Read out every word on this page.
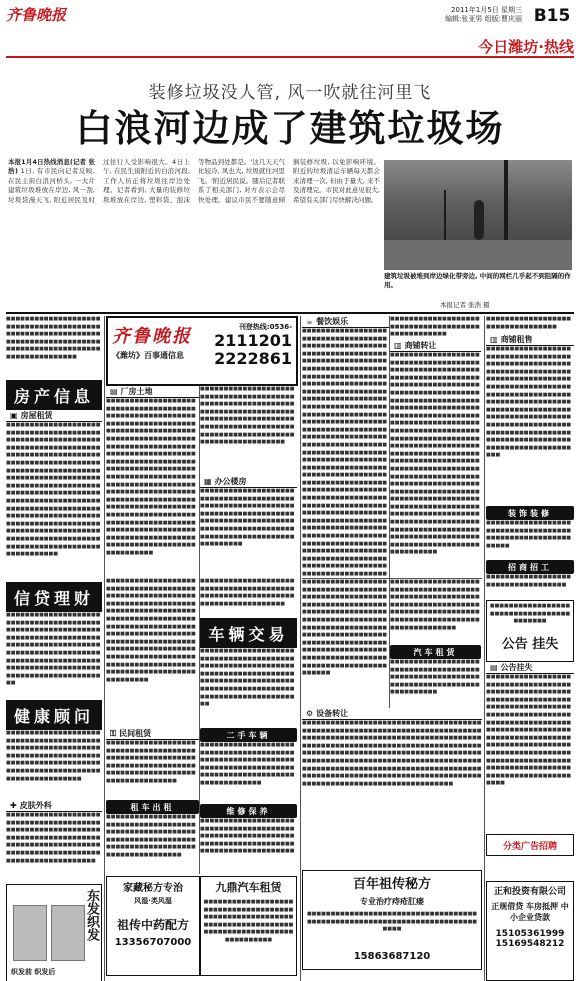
齐鲁晚报	2011年1月5日 星期三
编辑:张亚男 组版:曹庆丽 B15
今日潍坊·热线
装修垃圾没人管, 风一吹就往河里飞
白浪河边成了建筑垃圾场
本报1月4日热线消息(记者 张浩) 1日, 有市民向记者反映, 在民主街白浪河桥头, 一大片建筑垃圾堆放在岸边, 风一刮, 垃圾袋漫天飞, 附近居民及时过往行人受影响很大。4日上午, 在民生街附近的白浪河段, 工作人员正将垃圾往岸边处理。记者看到, 大量的装修垃圾堆放在岸边, 塑料袋、泡沫等物品到处都是。'这几天天气比较冷, 风也大, 垃圾就往河里飞。'附近居民说。随后记者联系了相关部门, 对方表示会尽快处理。建议市民不要随意倾倒装修垃圾, 以免影响环境。附近的垃圾清运车辆每天都会来清理一次, 但由于量大, 来不及清理完。市民对此意见很大, 希望有关部门尽快解决问题。
建筑垃圾被堆到岸边绿化带旁边, 中间的网栏几乎起不到阻隔的作用。
本报记者 张浩 摄
■■■■■■■■■■■■■■■■■■■■■■■■■■■■■■■■■■■■■■■■■■■■■■■■■■■■■■■■■■■■■■■■■■■■■■■■■■■■■■■■■■■■■■■■■■■■■■■■■■■■■■■■■■■■■■■■■■■
房产信息
▣ 房屋租赁
■■■■■■■■■■■■■■■■■■■■■■■■■■■■■■■■■■■■■■■■■■■■■■■■■■■■■■■■■■■■■■■■■■■■■■■■■■■■■■■■■■■■■■■■■■■■■■■■■■■■■■■■■■■■■■■■■■■■■■■■■■■■■■■■■■■■■■■■■■■■■■■■■■■■■■■■■■■■■■■■■■■■■■■■■■■■■■■■■■■■■■■■■■■■■■■■■■■■■■■■■■■■■■■■■■■■■■■■■■■■■■■■■■■■■■■■■■■■■■■■■■■■■■■■■■■■■■■■■■■■■■■■■■■■■■■■■■■■■■■■■■■■■■■■■■■■■■■■■■■■■■■■■■■■■■■■■■■■■■■■■■■■■■■■■■■■■■■■■■■■■■■■■■■■■■■
信贷理财
■■■■■■■■■■■■■■■■■■■■■■■■■■■■■■■■■■■■■■■■■■■■■■■■■■■■■■■■■■■■■■■■■■■■■■■■■■■■■■■■■■■■■■■■■■■■■■■■■■■■■■■■■■■■■■■■■■■■■■■■■■■■■■■■■■■■■■■■■■■■■■■■■■■■■■■■■■■■■■■■■■■■■■■■■■■■■■■■■■■■■■
健康顾问
■■■■■■■■■■■■■■■■■■■■■■■■■■■■■■■■■■■■■■■■■■■■■■■■■■■■■■■■■■■■■■■■■■■■■■■■■■■■■■■■■■■■■■■■■■■■■■■■■■■■■■■■■■■■■■■■■■■■■■■■■■■■■■■■■■■■■■■■
✚ 皮肤外科
■■■■■■■■■■■■■■■■■■■■■■■■■■■■■■■■■■■■■■■■■■■■■■■■■■■■■■■■■■■■■■■■■■■■■■■■■■■■■■■■■■■■■■■■■■■■■■■■■■■■■■■■■■■■■■■■■■■■■■■■■■■■■■■■■■■■■■■■■■■
东发织发
织发前 织发后
齐鲁晚报
《潍坊》百事通信息
刊登热线:0536-
2111201
2222861
▤ 厂房土地
■■■■■■■■■■■■■■■■■■■■■■■■■■■■■■■■■■■■■■■■■■■■■■■■■■■■■■■■■■■■■■■■■■■■■■■■■■■■■■■■■■■■■■■■■■■■■■■■■■■■■■■■■■■■■■■■■■■■■■■■■■■■■■■■■■■■■■■■■■■■■■■■■■■■■■■■■■■■■■■■■■■■■■■■■■■■■■■■■■■■■■■■■■■■■■■■■■■■■■■■■■■■■■■■■■■■■■■■■■■■■■■■■■■■■■■■■■■■■■■■■■■■■■■■■■■■■■■■■■■■■■■■■■■■■■■■■■■■■■■■■■■■■■■■■■■■■■■■■■■■■■■■■■■■■■■■■■■■■■■■■■■■■■■■■■■■■■■■■■■■■■■■■■■■■■■■■■■■■■■■■■■■■■■■■■■■■■■■■■■■■■■■■■■■■■
■■■■■■■■■■■■■■■■■■■■■■■■■■■■■■■■■■■■■■■■■■■■■■■■■■■■■■■■■■■■■■■■■■■■■■■■■■■■■■■■■■■■■■■■■■■■■■■■■■■■■■■■■■■■■■■■■■■■■■■■■■■■■■■■■■■■■■■■■■■■■■■■■■■■■■■■■■■■■■
▦ 办公楼房
■■■■■■■■■■■■■■■■■■■■■■■■■■■■■■■■■■■■■■■■■■■■■■■■■■■■■■■■■■■■■■■■■■■■■■■■■■■■■■■■■■■■■■■■■■■■■■■■■■■■■■■■■■■■■■■■■■■■■■■■■■■■■■■■■■■■■■■■■■■■■■■■■■■■■
■■■■■■■■■■■■■■■■■■■■■■■■■■■■■■■■■■■■■■■■■■■■■■■■■■■■■■■■■■■■■■■■■■■■■■■■■■■■■■■■■■■■■■■■■■■■■■■■■■■■■■■■■■■■■■■■■■■■■■■■■■■■■■■■■■■■■■■■■■■■■■■■■■■■■■■■■■■■■■■■■■■■■■■■■■■■■■■■■■■■■■■■■■■■■■■■■■■■■■■■■■■■■■■■■■■■■■■■■■■■■■■■■■■■■■■■■■■■■■■■■■■■■■■■■■■■■■■■
■■■■■■■■■■■■■■■■■■■■■■■■■■■■■■■■■■■■■■■■■■■■■■■■■■■■■■■■■■■■■■■■■■■■■■■■■■■■■■
车辆交易
■■■■■■■■■■■■■■■■■■■■■■■■■■■■■■■■■■■■■■■■■■■■■■■■■■■■■■■■■■■■■■■■■■■■■■■■■■■■■■■■■■■■■■■■■■■■■■■■■■■■■■■■■■■■■■■■■■■■■■■■■■■■■■■■■■■■■■■■■■■■■■
⚿ 民间租赁
■■■■■■■■■■■■■■■■■■■■■■■■■■■■■■■■■■■■■■■■■■■■■■■■■■■■■■■■■■■■■■■■■■■■■■■■■■■■■■■■■■■■■■■■■■■■■■■■■■■■■■■■■■■■■■
租车出租
■■■■■■■■■■■■■■■■■■■■■■■■■■■■■■■■■■■■■■■■■■■■■■■■■■■■■■■■■■■■■■■■■■■■■■■■■■■■■■■■■■■■■■■■■■■■■■■■■■■■■■■■■■■■■■■
二手车辆
■■■■■■■■■■■■■■■■■■■■■■■■■■■■■■■■■■■■■■■■■■■■■■■■■■■■■■■■■■■■■■■■■■■■■■■■■■■■■■■■■■■■■■■■■■■■■■■■■■■■■■■■■■■■■■■■■
维修保养
■■■■■■■■■■■■■■■■■■■■■■■■■■■■■■■■■■■■■■■■■■■■■■■■■■■■■■■■■■■■■■■■■■■■■■■■■■■■■■■■■■■■■■■■■■■■■■■■■■■■
家藏秘方专治
风湿·类风湿
祖传中药配方
13356707000
九鼎汽车租赁
■■■■■■■■■■■■■■■■■■■■■■■■■■■■■■■■■■■■■■■■■■■■■■■■■■■■■■■■■■■■■■■■■■■■■■■■■■■■■■■■■■■■■■■■■■■■■■■■■■■■■■■■■
☕ 餐饮娱乐
■■■■■■■■■■■■■■■■■■■■■■■■■■■■■■■■■■■■■■■■■■■■■■■■■■■■■■■■■■■■■■■■■■■■■■■■■■■■■■■■■■■■■■■■■■■■■■■■■■■■■■■■■■■■■■■■■■■■■■■■■■■■■■■■■■■■■■■■■■■■■■■■■■■■■■■■■■■■■■■■■■■■■■■■■■■■■■■■■■■■■■■■■■■■■■■■■■■■■■■■■■■■■■■■■■■■■■■■■■■■■■■■■■■■■■■■■■■■■■■■■■■■■■■■■■■■■■■■■■■■■■■■■■■■■■■■■■■■■■■■■■■■■■■■■■■■■■■■■■■■■■■■■■■■■■■■■■■■■■■■■■■■■■■■■■■■■■■■■■■■■■■■■■■■■■■■■■■■■■■■■■■■■■■■■■■■■■■■■■■■■■■■■■■■■■■■■■■■■■■■■■■■■■■■■■■■■■■■■■■■■■■■■■■■■■■■■■■■■■■■■■■■■■■■■■■■■■■■■■■■■■■■■■■■■■■■■■■■■■■■■■■■■■■■■■■■■■■■■■■■■■■■■■■■■■■■■■■■■■■■■■■■■■■■■■■■■■■■■■■■■■■■■■■■■■■■■■■■■■■■■■■■■■■■■■■■■■■■■■■■■■■■■■■■■■■■■■
■■■■■■■■■■■■■■■■■■■■■■■■■■■■■■■■■■■■■■■■■■■■■■■■■■
▥ 商铺转让
■■■■■■■■■■■■■■■■■■■■■■■■■■■■■■■■■■■■■■■■■■■■■■■■■■■■■■■■■■■■■■■■■■■■■■■■■■■■■■■■■■■■■■■■■■■■■■■■■■■■■■■■■■■■■■■■■■■■■■■■■■■■■■■■■■■■■■■■■■■■■■■■■■■■■■■■■■■■■■■■■■■■■■■■■■■■■■■■■■■■■■■■■■■■■■■■■■■■■■■■■■■■■■■■■■■■■■■■■■■■■■■■■■■■■■■■■■■■■■■■■■■■■■■■■■■■■■■■■■■■■■■■■■■■■■■■■■■■■■■■■■■■■■■■■■■■■■■■■■■■■■■■■■■■■■■■■■■■■■■■■■■■■■■■■■■■■■■■■■■■■■■■■■■■■■■■■■■■■■■■■■■■■■■■■■■■■■■■■■■■■■■■■■■■■■■■■■■■■■■■■■■■■■■■■■■■■■■■■■■■■■■■■■■■■■■■■■■■■■■■■■■■■■■■■■■■■■■■■■■■■■■■■■■■■■■■■■■■■■■■■■■■■■■■■■■■■■■■■■■■■■■■
■■■■■■■■■■■■■■■■■■■■■■■■■■■■■■■■■■■■■■■■■■■■■■■■■■■■■■■■■■■■■■■■■■■■■■■■■■■■■■■■■■■■■■■■■■■■■■■■■■■■■■■■■■■■■■■■■■■■■■■■■■■■■■■■■■■■■■■■■■■■■■■■■■■■■■■■■■■■■■■■■■■■■■■■■■■■■■■■■■■■■■■■■■■■■■■■■■■■■■■■■■■■■■■■■■■■■■■■■■■■■■
■■■■■■■■■■■■■■■■■■■■■■■■■■■■■■■■■■■■■■■■■■■■■■■■■■■■■■■■■■■■■■■■■■■■■■■■■■■■■■■■■■■■■■■■■■■■■■■■■■■■■■■■■■■■■■■■■■■■■■■■■■■■■■■■
汽车租赁
■■■■■■■■■■■■■■■■■■■■■■■■■■■■■■■■■■■■■■■■■■■■■■■■■■■■■■■■■■■■■■■■■■■■■■■■■■■■■■■■■■■■■■
⚙ 设备转让
■■■■■■■■■■■■■■■■■■■■■■■■■■■■■■■■■■■■■■■■■■■■■■■■■■■■■■■■■■■■■■■■■■■■■■■■■■■■■■■■■■■■■■■■■■■■■■■■■■■■■■■■■■■■■■■■■■■■■■■■■■■■■■■■■■■■■■■■■■■■■■■■■■■■■■■■■■■■■■■■■■■■■■■■■■■■■■■■■■■■■■■■■■■■■■■■■■■■■■■■■■■■■■■■■■■■■■■■■■■■■■■■■■■■■■■■■■■■■■■■■■■■■■■■■■■■■■■■■■■■■■■■■■■■■■■■■■■■■■■■■■■■■■■■■■■■■■■■■■■■■■■■■■■■■■■■■■■■■■■■■■■■■■■■■■■■■■■■
百年祖传秘方
专业治疗痔疮肛瘘
■■■■■■■■■■■■■■■■■■■■■■■■■■■■■■■■■■■■■■■■■■■■■■■■■■■■■■■■■■■■■■■■■■■■■■■■■■■■
15863687120
■■■■■■■■■■■■■■■■■■■■■■■■■■■■■■■■■
▥ 商铺租售
■■■■■■■■■■■■■■■■■■■■■■■■■■■■■■■■■■■■■■■■■■■■■■■■■■■■■■■■■■■■■■■■■■■■■■■■■■■■■■■■■■■■■■■■■■■■■■■■■■■■■■■■■■■■■■■■■■■■■■■■■■■■■■■■■■■■■■■■■■■■■■■■■■■■■■■■■■■■■■■■■■■■■■■■■■■■■■■■■■■■■■■■■■■■■■■■■■■■■■■■■■■■■■■■■■■■■■■■■■■■■■■■■■■■■■■■■■■■■■■■■■■■■■■■■■■■■■■
装饰装修
■■■■■■■■■■■■■■■■■■■■■■■■■■■■■■■■■■■■■■■■■■■■■■■■■■■■■■■■■■■
招商招工
■■■■■■■■■■■■■■■■■■■■■■■■■■■■■■■■■■■
■■■■■■■■■■■■■■■■■■■■■■■■■■■■■■■■■■■■■■■■■
公告 挂失
▤ 公告挂失
■■■■■■■■■■■■■■■■■■■■■■■■■■■■■■■■■■■■■■■■■■■■■■■■■■■■■■■■■■■■■■■■■■■■■■■■■■■■■■■■■■■■■■■■■■■■■■■■■■■■■■■■■■■■■■■■■■■■■■■■■■■■■■■■■■■■■■■■■■■■■■■■■■■■■■■■■■■■■■■■■■■■■■■■■■■■■■■■■■■■■■■■■■■■■■■■■■■■■■■■■■■■■■■■■■■■■■■■■■■■■■■■■■■■■■■■■■■■■■■■■■■■■■■■■■■■■■■■
分类广告招聘
正和投资有限公司
正规借贷 车房抵押 中小企业贷款
15105361999
15169548212
